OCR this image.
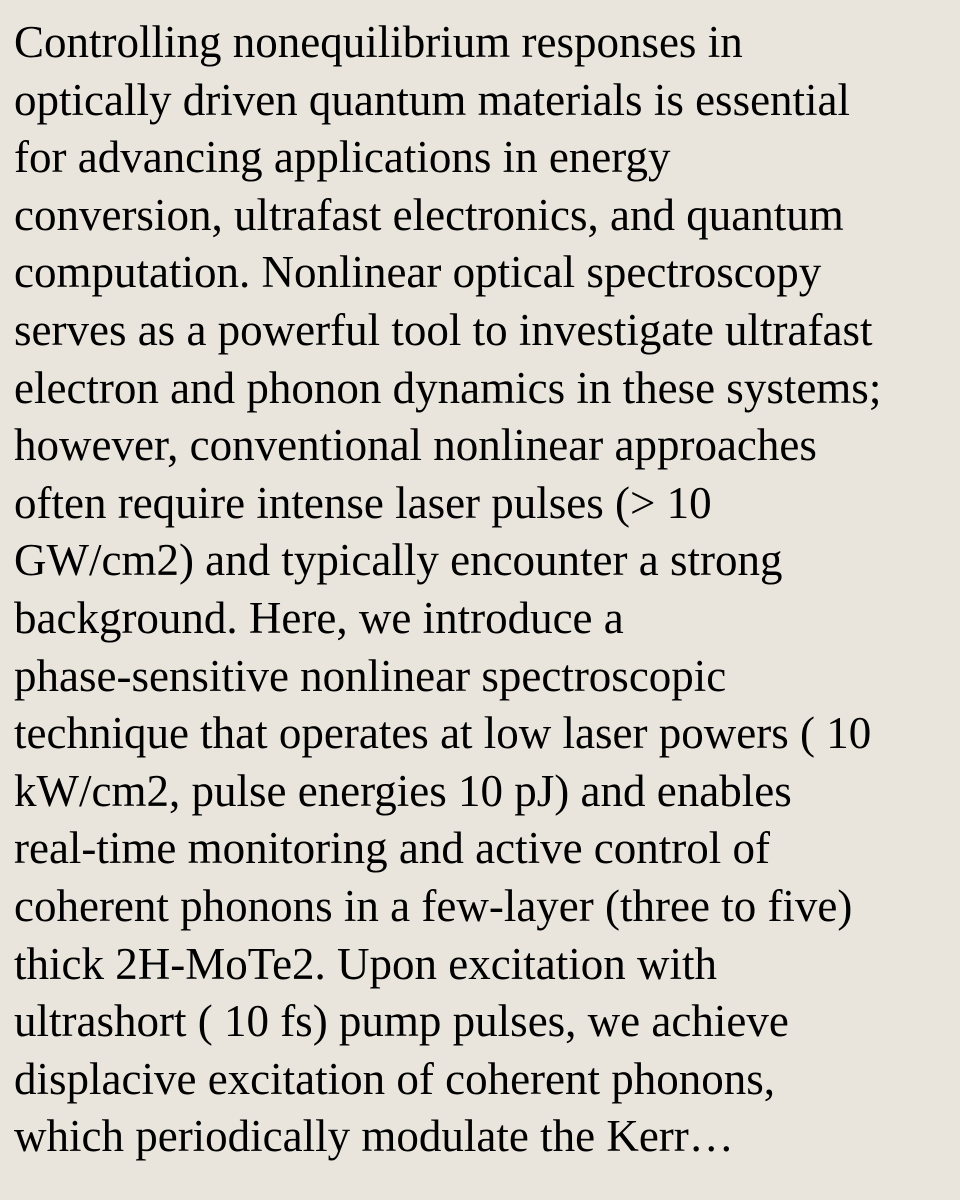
Controlling nonequilibrium responses in
optically driven quantum materials is essential
for advancing applications in energy
conversion, ultrafast electronics, and quantum
computation. Nonlinear optical spectroscopy
serves as a powerful tool to investigate ultrafast
electron and phonon dynamics in these systems;
however, conventional nonlinear approaches
often require intense laser pulses (> 10
GW/cm2) and typically encounter a strong
background. Here, we introduce a
phase-sensitive nonlinear spectroscopic
technique that operates at low laser powers ( 10
kW/cm2, pulse energies 10 pJ) and enables
real-time monitoring and active control of
coherent phonons in a few-layer (three to five)
thick 2H-MoTe2. Upon excitation with
ultrashort ( 10 fs) pump pulses, we achieve
displacive excitation of coherent phonons,
which periodically modulate the Kerr…
